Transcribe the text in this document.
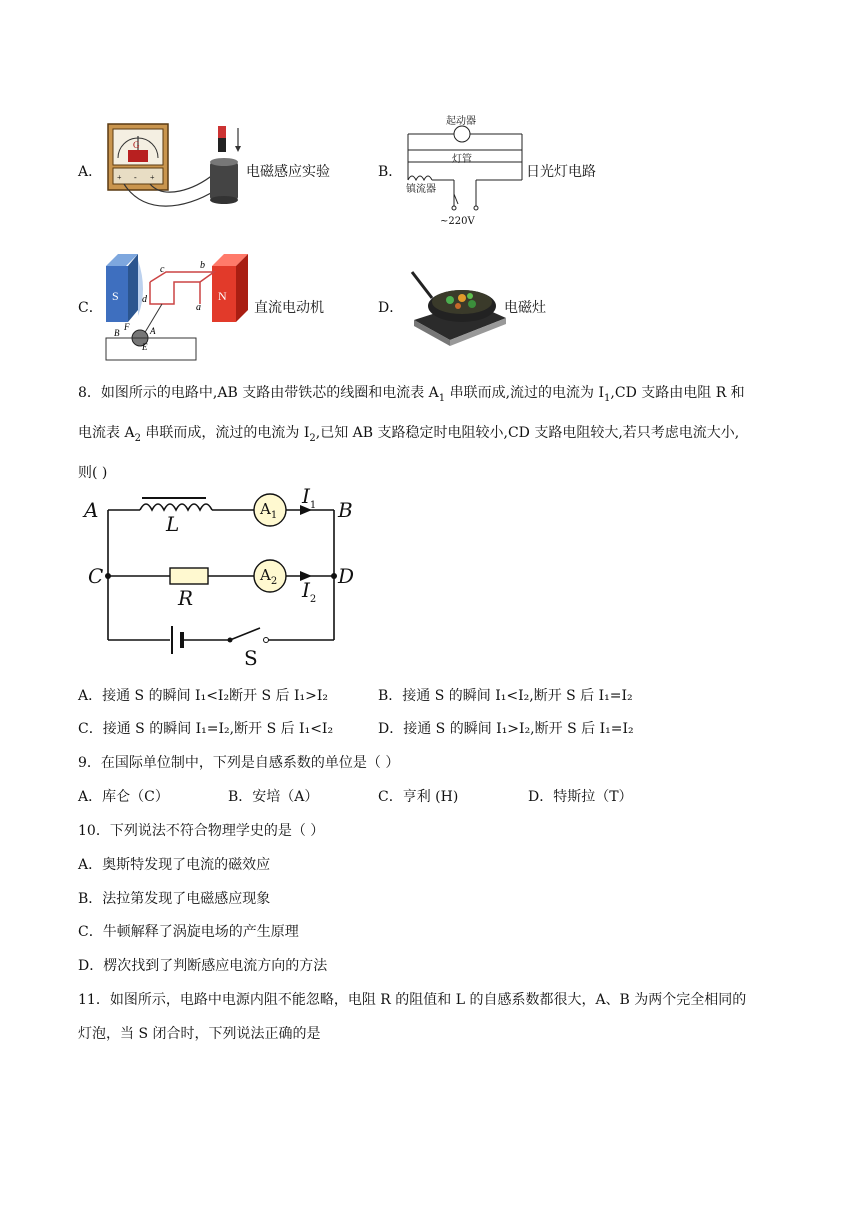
A．
G
+ - +	电磁感应实验	B．
起动器
灯管
镇流器
~220V
日光灯电路
C．
S	N
c	b
d
a
B
F A
E
直流电动机	D．	电磁灶
8．如图所示的电路中,AB 支路由带铁芯的线圈和电流表 $A_1$ 串联而成,流过的电流为 $I_1,CD$ 支路由电阻 R 和
电流表 $A_2$ 串联而成，流过的电流为 $I_2$,已知 AB 支路稳定时电阻较小,CD 支路电阻较大,若只考虑电流大小,
则( )
A	B
C	D
L
R
S
$A_1$
$A_2$
$I_1$
$I_2$
A．接通 S 的瞬间 I₁<I₂断开 S 后 I₁>I₂	B．接通 S 的瞬间 I₁<I₂,断开 S 后 I₁=I₂
C．接通 S 的瞬间 I₁=I₂,断开 S 后 I₁<I₂	D．接通 S 的瞬间 I₁>I₂,断开 S 后 I₁=I₂
9．在国际单位制中，下列是自感系数的单位是（ ）
A．库仑（C）	B．安培（A）	C．亨利 (H)	D．特斯拉（T）
10．下列说法不符合物理学史的是（ ）
A．奥斯特发现了电流的磁效应
B．法拉第发现了电磁感应现象
C．牛顿解释了涡旋电场的产生原理
D．楞次找到了判断感应电流方向的方法
11．如图所示，电路中电源内阻不能忽略，电阻 R 的阻值和 L 的自感系数都很大，A、B 为两个完全相同的
灯泡，当 S 闭合时，下列说法正确的是
